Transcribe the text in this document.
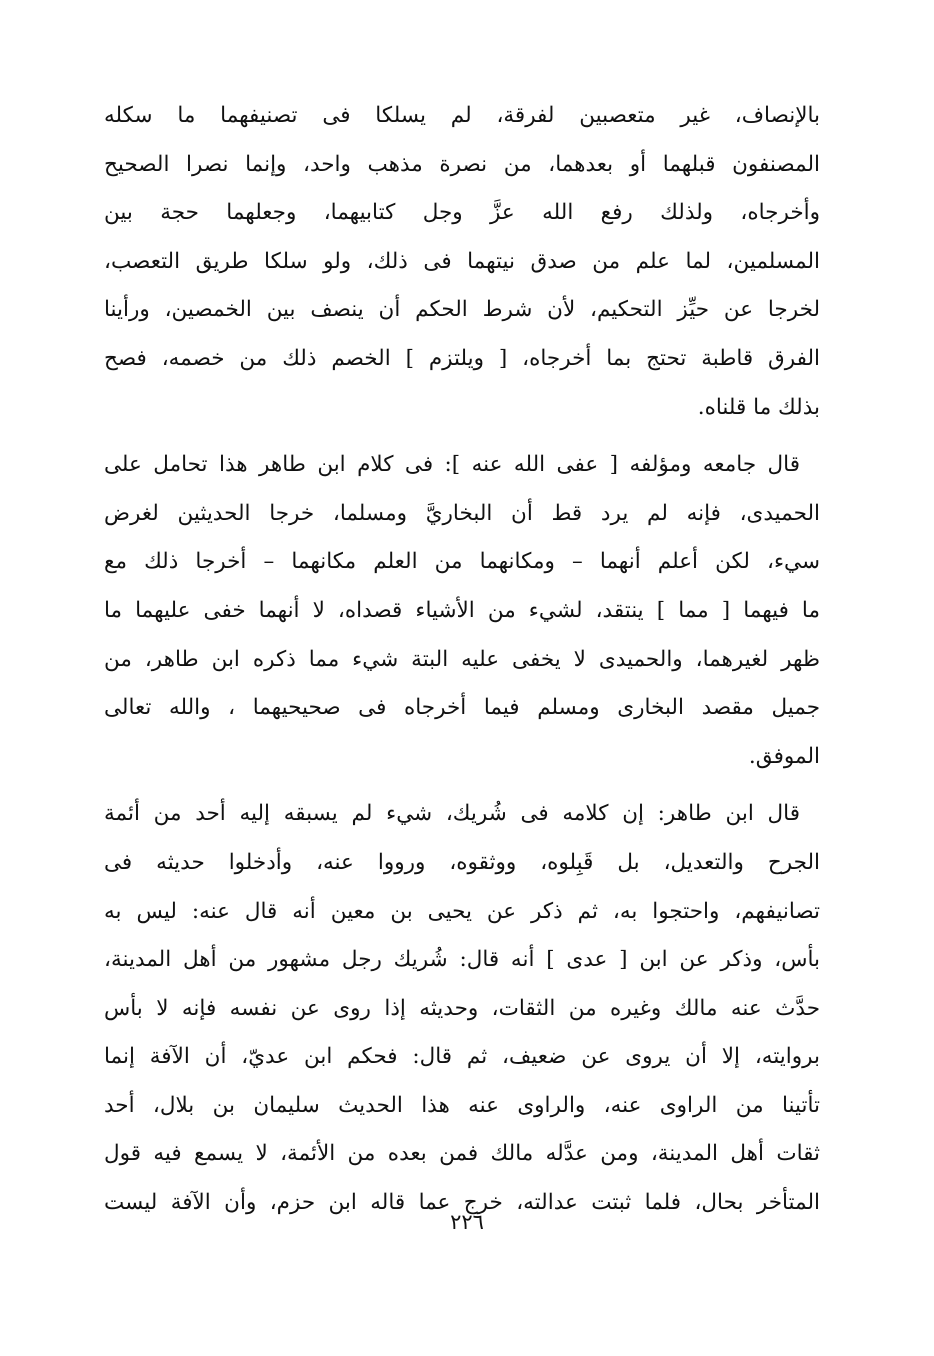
بالإنصاف، غير متعصبين لفرقة، لم يسلكا فى تصنيفهما ما سكله
المصنفون قبلهما أو بعدهما، من نصرة مذهب واحد، وإنما نصرا الصحيح
وأخرجاه، ولذلك رفع الله عزَّ وجل كتابيهما، وجعلهما حجة بين
المسلمين، لما علم من صدق نيتهما فى ذلك، ولو سلكا طريق التعصب،
لخرجا عن حيِّز التحكيم، لأن شرط الحكم أن ينصف بين الخمصين، ورأينا
الفرق قاطبة تحتج بما أخرجاه، [ ويلتزم ] الخصم ذلك من خصمه، فصح
بذلك ما قلناه.
قال جامعه ومؤلفه [ عفى الله عنه ]: فى كلام ابن طاهر هذا تحامل على
الحميدى، فإنه لم يرد قط أن البخاريَّ ومسلما، خرجا الحديثين لغرض
سيء، لكن أعلم أنهما – ومكانهما من العلم مكانهما – أخرجا ذلك مع
ما فيهما [ مما ] ينتقد، لشيء من الأشياء قصداه، لا أنهما خفى عليهما ما
ظهر لغيرهما، والحميدى لا يخفى عليه البتة شيء مما ذكره ابن طاهر، من
جميل مقصد البخارى ومسلم فيما أخرجاه فى صحيحيهما ، والله تعالى
الموفق.
قال ابن طاهر: إن كلامه فى شُريك، شيء لم يسبقه إليه أحد من أئمة
الجرح والتعديل، بل قَبِلوه، ووثقوه، ورووا عنه، وأدخلوا حديثه فى
تصانيفهم، واحتجوا به، ثم ذكر عن يحيى بن معين أنه قال عنه: ليس به
بأس، وذكر عن ابن [ عدى ] أنه قال: شُريك رجل مشهور من أهل المدينة،
حدَّث عنه مالك وغيره من الثقات، وحديثه إذا روى عن نفسه فإنه لا بأس
بروايته، إلا أن يروى عن ضعيف، ثم قال: فحكم ابن عديّ، أن الآفة إنما
تأتينا من الراوى عنه، والراوى عنه هذا الحديث سليمان بن بلال، أحد
ثقات أهل المدينة، ومن عدَّله مالك فمن بعده من الأئمة، لا يسمع فيه قول
المتأخر بحال، فلما ثبتت عدالته، خرج عما قاله ابن حزم، وأن الآفة ليست
٢٢٦
